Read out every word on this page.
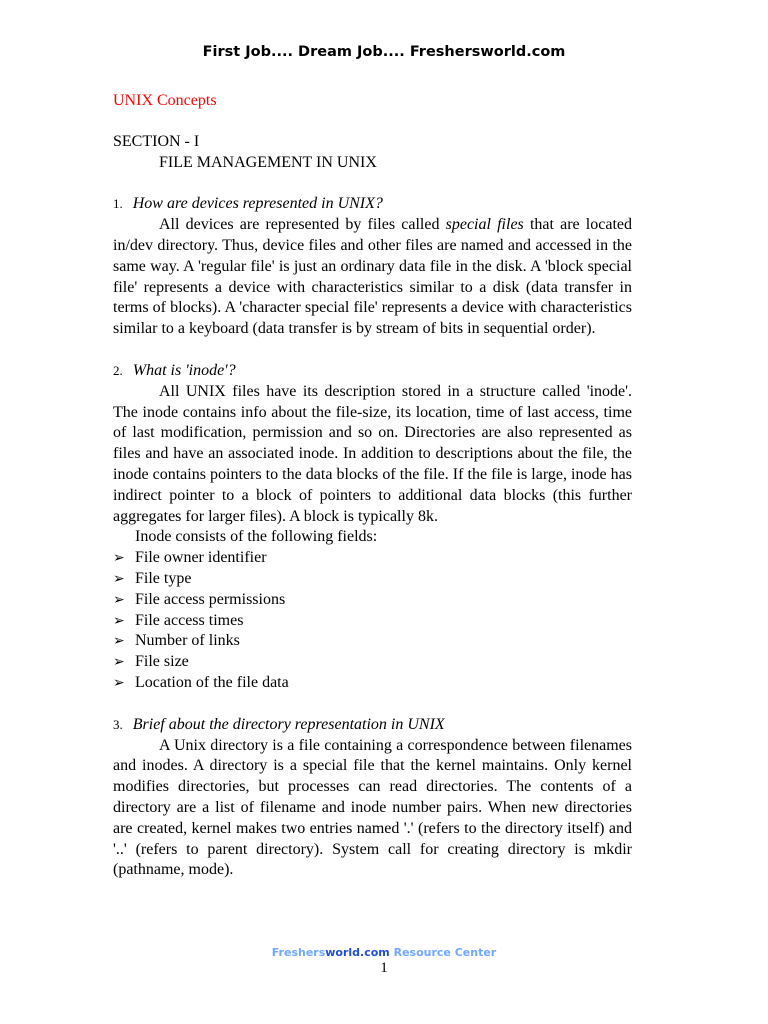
First Job.... Dream Job.... Freshersworld.com

UNIX Concepts

SECTION - I

FILE MANAGEMENT IN UNIX

1. How are devices represented in UNIX?

All devices are represented by files called special files that are located in/dev directory. Thus, device files and other files are named and accessed in the same way. A 'regular file' is just an ordinary data file in the disk. A 'block special file' represents a device with characteristics similar to a disk (data transfer in terms of blocks). A 'character special file' represents a device with characteristics similar to a keyboard (data transfer is by stream of bits in sequential order).

2. What is 'inode'?

All UNIX files have its description stored in a structure called 'inode'. The inode contains info about the file-size, its location, time of last access, time of last modification, permission and so on. Directories are also represented as files and have an associated inode. In addition to descriptions about the file, the inode contains pointers to the data blocks of the file. If the file is large, inode has indirect pointer to a block of pointers to additional data blocks (this further aggregates for larger files). A block is typically 8k.

Inode consists of the following fields:

➢ File owner identifier
➢ File type
➢ File access permissions
➢ File access times
➢ Number of links
➢ File size
➢ Location of the file data

3. Brief about the directory representation in UNIX

A Unix directory is a file containing a correspondence between filenames and inodes. A directory is a special file that the kernel maintains. Only kernel modifies directories, but processes can read directories. The contents of a directory are a list of filename and inode number pairs. When new directories are created, kernel makes two entries named '.' (refers to the directory itself) and '..' (refers to parent directory). System call for creating directory is mkdir (pathname, mode).

Freshersworld.com Resource Center
1
